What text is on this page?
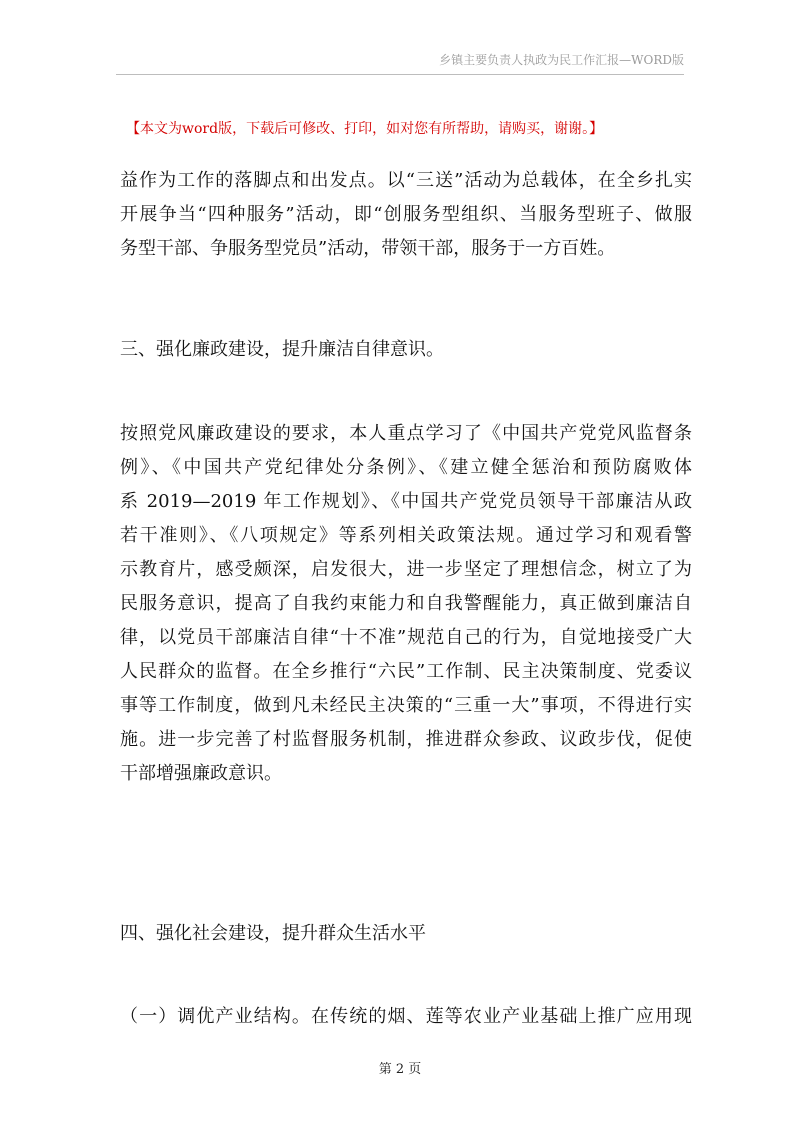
乡镇主要负责人执政为民工作汇报—WORD版
【本文为word版，下载后可修改、打印，如对您有所帮助，请购买，谢谢。】
益作为工作的落脚点和出发点。以“三送”活动为总载体，在全乡扎实
开展争当“四种服务”活动，即“创服务型组织、当服务型班子、做服
务型干部、争服务型党员”活动，带领干部，服务于一方百姓。
三、强化廉政建设，提升廉洁自律意识。
按照党风廉政建设的要求，本人重点学习了《中国共产党党风监督条
例》、《中国共产党纪律处分条例》、《建立健全惩治和预防腐败体
系 2019—2019 年工作规划》、《中国共产党党员领导干部廉洁从政
若干准则》、《八项规定》等系列相关政策法规。通过学习和观看警
示教育片，感受颇深，启发很大，进一步坚定了理想信念，树立了为
民服务意识，提高了自我约束能力和自我警醒能力，真正做到廉洁自
律，以党员干部廉洁自律“十不准”规范自己的行为，自觉地接受广大
人民群众的监督。在全乡推行“六民”工作制、民主决策制度、党委议
事等工作制度，做到凡未经民主决策的“三重一大”事项，不得进行实
施。进一步完善了村监督服务机制，推进群众参政、议政步伐，促使
干部增强廉政意识。
四、强化社会建设，提升群众生活水平
（一）调优产业结构。在传统的烟、莲等农业产业基础上推广应用现
第 2 页
